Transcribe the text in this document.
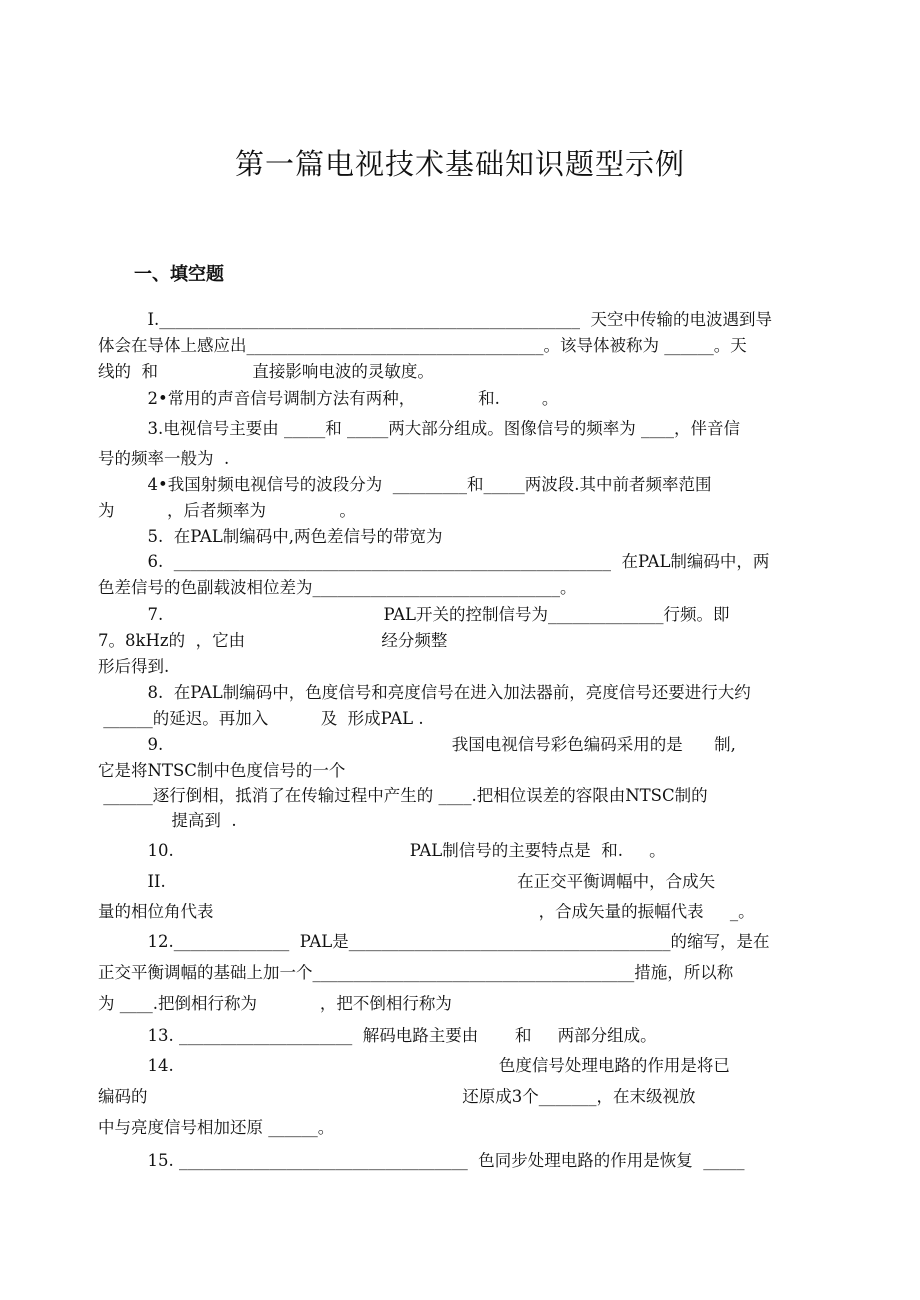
第一篇电视技术基础知识题型示例
一、填空题
　　　I.___________________________________________________  天空中传输的电波遇到导
体会在导体上感应出____________________________________。该导体被称为 ______。天
线的  和                  直接影响电波的灵敏度。
　　　2•常用的声音信号调制方法有两种，            和.        。
　　　3.电视信号主要由 _____和 _____两大部分组成。图像信号的频率为 ____，伴音信
号的频率一般为  .
　　　4•我国射频电视信号的波段分为  _________和_____两波段.其中前者频率范围
为          ，后者频率为              。
　　　5.  在PAL制编码中,两色差信号的带宽为
　　　6.  _____________________________________________________  在PAL制编码中，两
色差信号的色副载波相位差为______________________________。
　　　7.                                          PAL开关的控制信号为______________行频。即
7。8kHz的  ，它由                          经分频整
形后得到.
　　　8.  在PAL制编码中，色度信号和亮度信号在进入加法器前，亮度信号还要进行大约
______的延迟。再加入          及  形成PAL .
　　　9.                                                       我国电视信号彩色编码采用的是      制,
它是将NTSC制中色度信号的一个
______逐行倒相，抵消了在传输过程中产生的 ____.把相位误差的容限由NTSC制的
提高到  .
　　　10.                                             PAL制信号的主要特点是  和.     。
　　　II.                                                                   在正交平衡调幅中，合成矢
量的相位角代表                                                              ，合成矢量的振幅代表     _。
　　　12.______________  PAL是_______________________________________的缩写，是在
正交平衡调幅的基础上加一个_______________________________________措施，所以称
为 ____.把倒相行称为            ，把不倒相行称为
　　　13. _____________________  解码电路主要由       和     两部分组成。
　　　14.                                                              色度信号处理电路的作用是将已
编码的                                                            还原成3个_______，在末级视放
中与亮度信号相加还原 ______。
　　　15. ___________________________________  色同步处理电路的作用是恢复  _____
